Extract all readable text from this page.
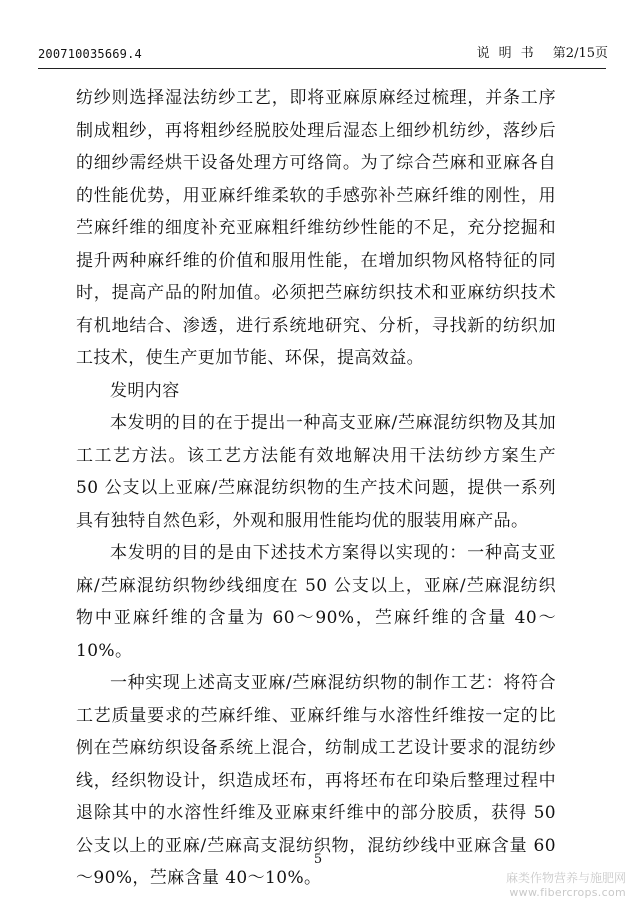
200710035669.4	说明书 第2/15页

纺纱则选择湿法纺纱工艺，即将亚麻原麻经过梳理，并条工序制成粗纱，再将粗纱经脱胶处理后湿态上细纱机纺纱，落纱后的细纱需经烘干设备处理方可络筒。为了综合苎麻和亚麻各自的性能优势，用亚麻纤维柔软的手感弥补苎麻纤维的刚性，用苎麻纤维的细度补充亚麻粗纤维纺纱性能的不足，充分挖掘和提升两种麻纤维的价值和服用性能，在增加织物风格特征的同时，提高产品的附加值。必须把苎麻纺织技术和亚麻纺织技术有机地结合、渗透，进行系统地研究、分析，寻找新的纺织加工技术，使生产更加节能、环保，提高效益。

发明内容

本发明的目的在于提出一种高支亚麻/苎麻混纺织物及其加工工艺方法。该工艺方法能有效地解决用干法纺纱方案生产 50 公支以上亚麻/苎麻混纺织物的生产技术问题，提供一系列具有独特自然色彩，外观和服用性能均优的服装用麻产品。

本发明的目的是由下述技术方案得以实现的：一种高支亚麻/苎麻混纺织物纱线细度在 50 公支以上，亚麻/苎麻混纺织物中亚麻纤维的含量为 60～90%，苎麻纤维的含量 40～10%。

一种实现上述高支亚麻/苎麻混纺织物的制作工艺：将符合工艺质量要求的苎麻纤维、亚麻纤维与水溶性纤维按一定的比例在苎麻纺织设备系统上混合，纺制成工艺设计要求的混纺纱线，经织物设计，织造成坯布，再将坯布在印染后整理过程中退除其中的水溶性纤维及亚麻束纤维中的部分胶质，获得 50 公支以上的亚麻/苎麻高支混纺织物，混纺纱线中亚麻含量 60～90%，苎麻含量 40～10%。

5
麻类作物营养与施肥网
www.fibercrops.com
